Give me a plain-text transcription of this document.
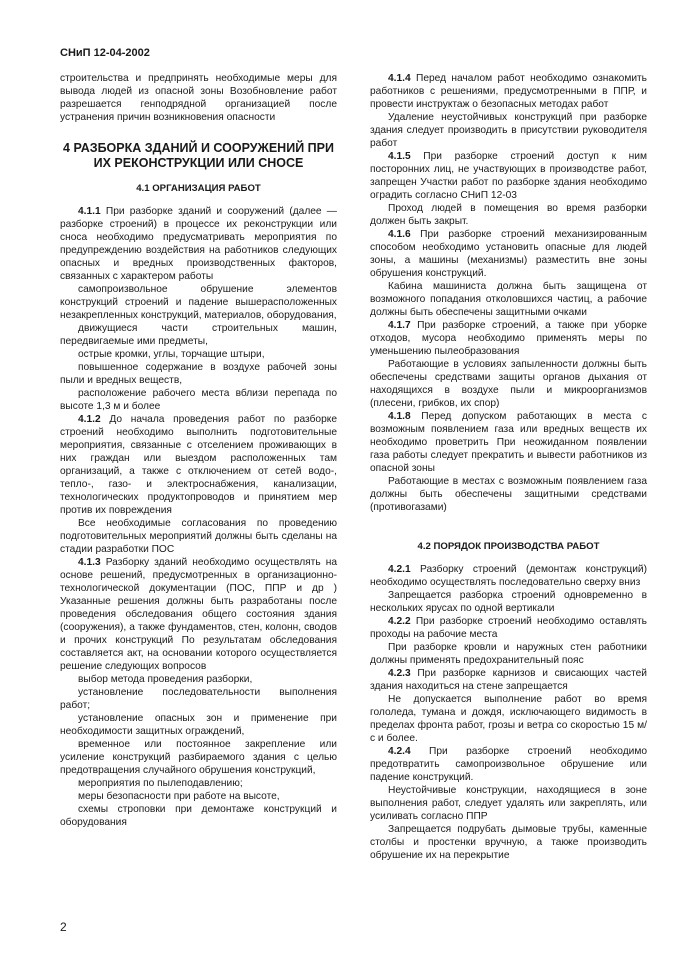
СНиП 12-04-2002

строительства и предпринять необходимые меры для вывода людей из опасной зоны Возобновление работ разрешается генподрядной организацией после устранения причин возникновения опасности

4 РАЗБОРКА ЗДАНИЙ И СООРУЖЕНИЙ ПРИ ИХ РЕКОНСТРУКЦИИ ИЛИ СНОСЕ
4.1 ОРГАНИЗАЦИЯ РАБОТ

4.1.1 При разборке зданий и сооружений (далее — разборке строений) в процессе их реконструкции или сноса необходимо предусматривать мероприятия по предупреждению воздействия на работников следующих опасных и вредных производственных факторов, связанных с характером работы

самопроизвольное обрушение элементов конструкций строений и падение вышерасположенных незакрепленных конструкций, материалов, оборудования,

движущиеся части строительных машин, передвигаемые ими предметы,

острые кромки, углы, торчащие штыри,

повышенное содержание в воздухе рабочей зоны пыли и вредных веществ,

расположение рабочего места вблизи перепада по высоте 1,3 м и более

4.1.2 До начала проведения работ по разборке строений необходимо выполнить подготовительные мероприятия, связанные с отселением проживающих в них граждан или выездом расположенных там организаций, а также с отключением от сетей водо-, тепло-, газо- и электроснабжения, канализации, технологических продуктопроводов и принятием мер против их повреждения

Все необходимые согласования по проведению подготовительных мероприятий должны быть сделаны на стадии разработки ПОС

4.1.3 Разборку зданий необходимо осуществлять на основе решений, предусмотренных в организационно-технологической документации (ПОС, ППР и др ) Указанные решения должны быть разработаны после проведения обследования общего состояния здания (сооружения), а также фундаментов, стен, колонн, сводов и прочих конструкций По результатам обследования составляется акт, на основании которого осуществляется решение следующих вопросов

выбор метода проведения разборки,

установление последовательности выполнения работ;

установление опасных зон и применение при необходимости защитных ограждений,

временное или постоянное закрепление или усиление конструкций разбираемого здания с целью предотвращения случайного обрушения конструкций,

мероприятия по пылеподавлению;

меры безопасности при работе на высоте,

схемы строповки при демонтаже конструкций и оборудования

4.1.4 Перед началом работ необходимо ознакомить работников с решениями, предусмотренными в ППР, и провести инструктаж о безопасных методах работ

Удаление неустойчивых конструкций при разборке здания следует производить в присутствии руководителя работ

4.1.5 При разборке строений доступ к ним посторонних лиц, не участвующих в производстве работ, запрещен Участки работ по разборке здания необходимо оградить согласно СНиП 12-03

Проход людей в помещения во время разборки должен быть закрыт.

4.1.6 При разборке строений механизированным способом необходимо установить опасные для людей зоны, а машины (механизмы) разместить вне зоны обрушения конструкций.

Кабина машиниста должна быть защищена от возможного попадания отколовшихся частиц, а рабочие должны быть обеспечены защитными очками

4.1.7 При разборке строений, а также при уборке отходов, мусора необходимо применять меры по уменьшению пылеобразования

Работающие в условиях запыленности должны быть обеспечены средствами защиты органов дыхания от находящихся в воздухе пыли и микроорганизмов (плесени, грибков, их спор)

4.1.8 Перед допуском работающих в места с возможным появлением газа или вредных веществ их необходимо проветрить При неожиданном появлении газа работы следует прекратить и вывести работников из опасной зоны

Работающие в местах с возможным появлением газа должны быть обеспечены защитными средствами (противогазами)

4.2 ПОРЯДОК ПРОИЗВОДСТВА РАБОТ

4.2.1 Разборку строений (демонтаж конструкций) необходимо осуществлять последовательно сверху вниз

Запрещается разборка строений одновременно в нескольких ярусах по одной вертикали

4.2.2 При разборке строений необходимо оставлять проходы на рабочие места

При разборке кровли и наружных стен работники должны применять предохранительный пояс

4.2.3 При разборке карнизов и свисающих частей здания находиться на стене запрещается

Не допускается выполнение работ во время гололеда, тумана и дождя, исключающего видимость в пределах фронта работ, грозы и ветра со скоростью 15 м/с и более.

4.2.4 При разборке строений необходимо предотвратить самопроизвольное обрушение или падение конструкций.

Неустойчивые конструкции, находящиеся в зоне выполнения работ, следует удалять или закреплять, или усиливать согласно ППР

Запрещается подрубать дымовые трубы, каменные столбы и простенки вручную, а также производить обрушение их на перекрытие

2
